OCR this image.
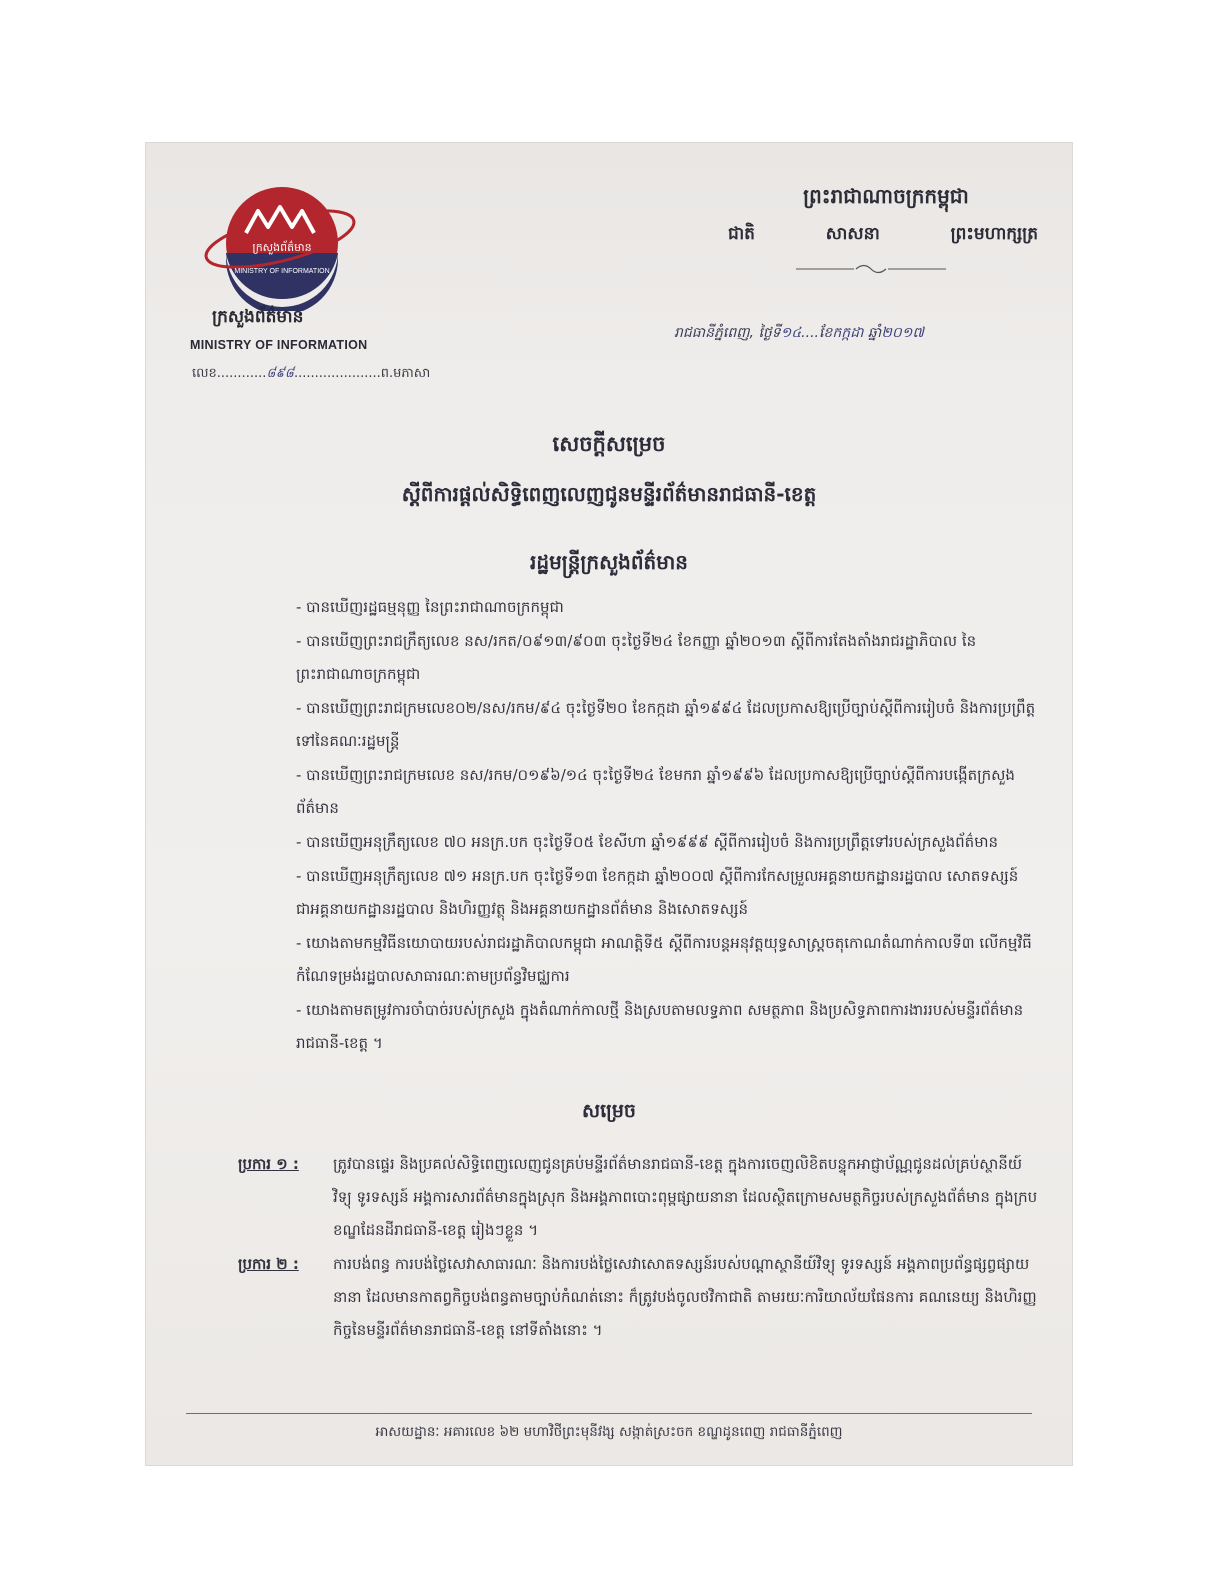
ក្រសួងព័ត៌មាន
MINISTRY OF INFORMATION
ក្រសួងព័ត៌មាន
MINISTRY OF INFORMATION
លេខ............៨៩៨.....................ព.មភាសា
ព្រះរាជាណាចក្រកម្ពុជា
ជាតិ	សាសនា	ព្រះមហាក្សត្រ
រាជធានីភ្នំពេញ, ថ្ងៃទី១៤....ខែកក្កដា ឆ្នាំ២០១៧
សេចក្តីសម្រេច
ស្តីពីការផ្តល់សិទ្ធិពេញលេញជូនមន្ទីរព័ត៌មានរាជធានី-ខេត្ត
រដ្ឋមន្ត្រីក្រសួងព័ត៌មាន
- បានឃើញរដ្ឋធម្មនុញ្ញ នៃព្រះរាជាណាចក្រកម្ពុជា
- បានឃើញព្រះរាជក្រឹត្យលេខ នស/រកត/០៩១៣/៩០៣ ចុះថ្ងៃទី២៤ ខែកញ្ញា ឆ្នាំ២០១៣ ស្តីពីការតែងតាំងរាជរដ្ឋាភិបាល នៃព្រះរាជាណាចក្រកម្ពុជា
- បានឃើញព្រះរាជក្រមលេខ០២/នស/រកម/៩៤ ចុះថ្ងៃទី២០ ខែកក្កដា ឆ្នាំ១៩៩៤ ដែលប្រកាសឱ្យប្រើច្បាប់ស្តីពីការរៀបចំ និងការប្រព្រឹត្ត ទៅនៃគណៈរដ្ឋមន្ត្រី
- បានឃើញព្រះរាជក្រមលេខ នស/រកម/០១៩៦/១៤ ចុះថ្ងៃទី២៤ ខែមករា ឆ្នាំ១៩៩៦ ដែលប្រកាសឱ្យប្រើច្បាប់ស្តីពីការបង្កើតក្រសួងព័ត៌មាន
- បានឃើញអនុក្រឹត្យលេខ ៧០ អនក្រ.បក ចុះថ្ងៃទី០៥ ខែសីហា ឆ្នាំ១៩៩៩ ស្តីពីការរៀបចំ និងការប្រព្រឹត្តទៅរបស់ក្រសួងព័ត៌មាន
- បានឃើញអនុក្រឹត្យលេខ ៧១ អនក្រ.បក ចុះថ្ងៃទី១៣ ខែកក្កដា ឆ្នាំ២០០៧ ស្តីពីការកែសម្រួលអគ្គនាយកដ្ឋានរដ្ឋបាល សោតទស្សន៍ ជាអគ្គនាយកដ្ឋានរដ្ឋបាល និងហិរញ្ញវត្ថុ និងអគ្គនាយកដ្ឋានព័ត៌មាន និងសោតទស្សន៍
- យោងតាមកម្មវិធីនយោបាយរបស់រាជរដ្ឋាភិបាលកម្ពុជា អាណត្តិទី៥ ស្តីពីការបន្តអនុវត្តយុទ្ធសាស្ត្រចតុកោណតំណាក់កាលទី៣ លើកម្មវិធីកំណែទម្រង់រដ្ឋបាលសាធារណៈតាមប្រព័ន្ធវិមជ្ឈការ
- យោងតាមតម្រូវការចាំបាច់របស់ក្រសួង ក្នុងតំណាក់កាលថ្មី និងស្របតាមលទ្ធភាព សមត្ថភាព និងប្រសិទ្ធភាពការងាររបស់មន្ទីរព័ត៌មានរាជធានី-ខេត្ត ។
សម្រេច
ប្រការ ១ :	ត្រូវបានផ្ទេរ និងប្រគល់សិទ្ធិពេញលេញជូនគ្រប់មន្ទីរព័ត៌មានរាជធានី-ខេត្ត ក្នុងការចេញលិខិតបន្ទុកអាជ្ញាប័ណ្ណជូនដល់គ្រប់ស្ថានីយ៍ វិទ្យុ ទូរទស្សន៍ អង្គការសារព័ត៌មានក្នុងស្រុក និងអង្គភាពបោះពុម្ពផ្សាយនានា ដែលស្ថិតក្រោមសមត្ថកិច្ចរបស់ក្រសួងព័ត៌មាន ក្នុងក្របខណ្ឌដែនដីរាជធានី-ខេត្ត រៀងៗខ្លួន ។
ប្រការ ២ :	ការបង់ពន្ធ ការបង់ថ្លៃសេវាសាធារណៈ និងការបង់ថ្លៃសេវាសោតទស្សន៍របស់បណ្តាស្ថានីយ៍វិទ្យុ ទូរទស្សន៍ អង្គភាពប្រព័ន្ធផ្សព្វផ្សាយនានា ដែលមានកាតព្វកិច្ចបង់ពន្ធតាមច្បាប់កំណត់នោះ ក៏ត្រូវបង់ចូលថវិកាជាតិ តាមរយៈការិយាល័យផែនការ គណនេយ្យ និងហិរញ្ញកិច្ចនៃមន្ទីរព័ត៌មានរាជធានី-ខេត្ត នៅទីតាំងនោះ ។
អាសយដ្ឋានៈ អគារលេខ ៦២ មហាវិថីព្រះមុនីវង្ស សង្កាត់ស្រះចក ខណ្ឌដូនពេញ រាជធានីភ្នំពេញ
